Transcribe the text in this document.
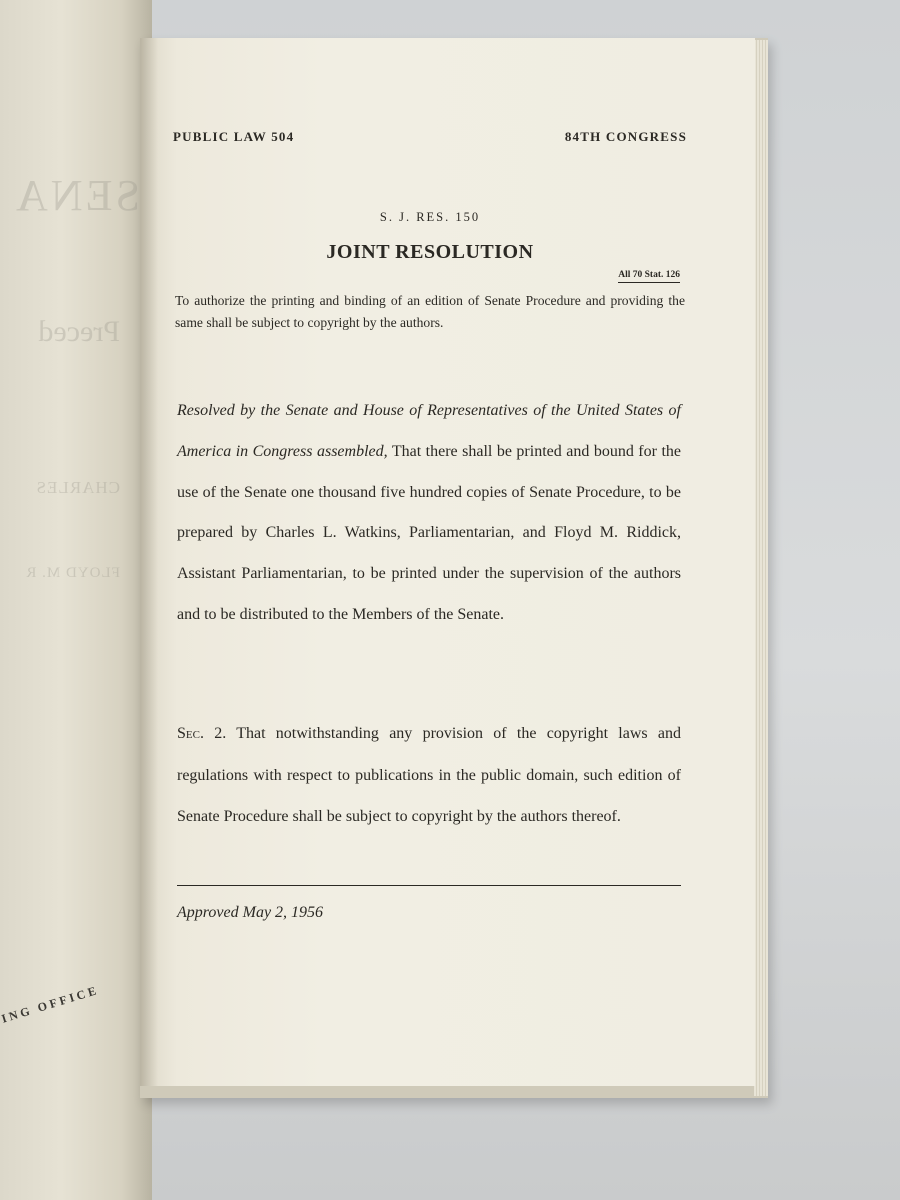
SENA
Preced
CHARLES
FLOYD M. R
ING OFFICE
PUBLIC LAW 504	84TH CONGRESS
S. J. RES. 150
JOINT RESOLUTION
All 70 Stat. 126
To authorize the printing and binding of an edition of Senate Procedure and providing the same shall be subject to copyright by the authors.
Resolved by the Senate and House of Representatives of the United States of America in Congress assembled, That there shall be printed and bound for the use of the Senate one thousand five hundred copies of Senate Procedure, to be prepared by Charles L. Watkins, Parliamentarian, and Floyd M. Riddick, Assistant Parliamentarian, to be printed under the supervision of the authors and to be distributed to the Members of the Senate.
Sec. 2. That notwithstanding any provision of the copyright laws and regulations with respect to publications in the public domain, such edition of Senate Procedure shall be subject to copyright by the authors thereof.
Approved May 2, 1956
